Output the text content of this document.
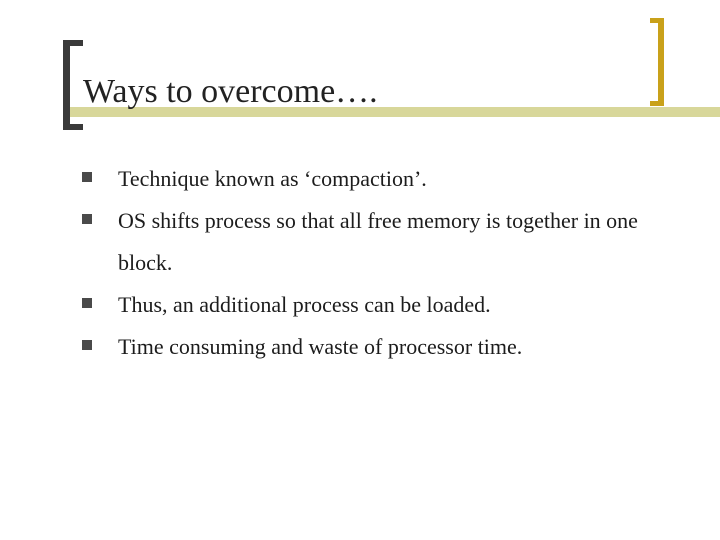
Ways to overcome….
Technique known as ‘compaction’.
OS shifts process so that all free memory is together in one block.
Thus, an additional process can be loaded.
Time consuming and waste of processor time.
